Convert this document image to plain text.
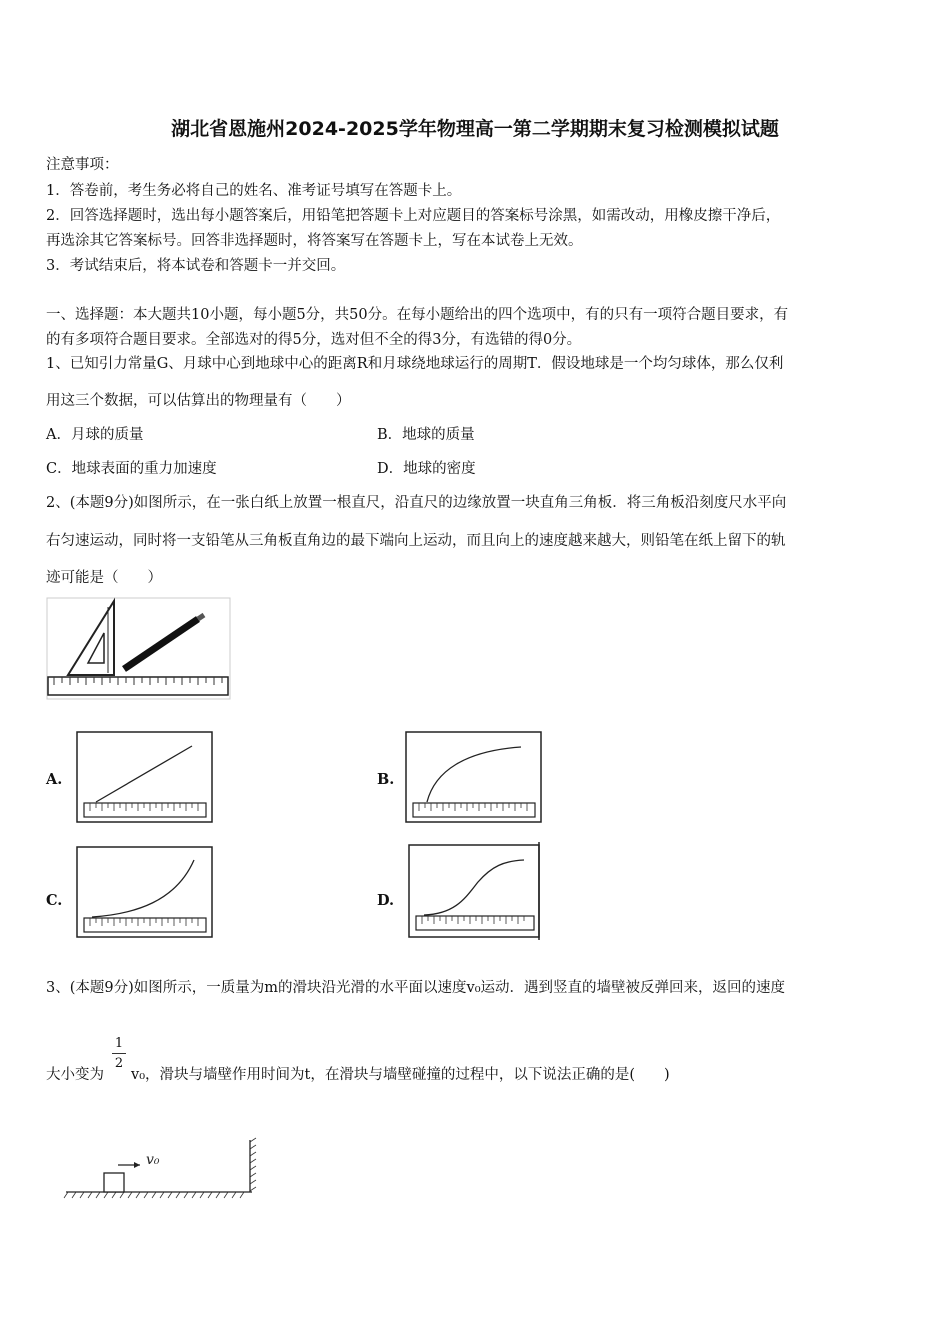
湖北省恩施州2024-2025学年物理高一第二学期期末复习检测模拟试题
注意事项：
1．答卷前，考生务必将自己的姓名、准考证号填写在答题卡上。
2．回答选择题时，选出每小题答案后，用铅笔把答题卡上对应题目的答案标号涂黑，如需改动，用橡皮擦干净后，
再选涂其它答案标号。回答非选择题时，将答案写在答题卡上，写在本试卷上无效。
3．考试结束后，将本试卷和答题卡一并交回。
一、选择题：本大题共10小题，每小题5分，共50分。在每小题给出的四个选项中，有的只有一项符合题目要求，有
的有多项符合题目要求。全部选对的得5分，选对但不全的得3分，有选错的得0分。
1、已知引力常量G、月球中心到地球中心的距离R和月球绕地球运行的周期T．假设地球是一个均匀球体，那么仅利
用这三个数据，可以估算出的物理量有（　　）
A．月球的质量	B．地球的质量
C．地球表面的重力加速度	D．地球的密度
2、(本题9分)如图所示，在一张白纸上放置一根直尺，沿直尺的边缘放置一块直角三角板．将三角板沿刻度尺水平向
右匀速运动，同时将一支铅笔从三角板直角边的最下端向上运动，而且向上的速度越来越大，则铅笔在纸上留下的轨
迹可能是（　　）
A.	B.
C.	D.
3、(本题9分)如图所示，一质量为m的滑块沿光滑的水平面以速度v₀运动．遇到竖直的墙壁被反弹回来，返回的速度
大小变为
1
2
v₀，滑块与墙壁作用时间为t，在滑块与墙壁碰撞的过程中，以下说法正确的是(　　)
v₀
